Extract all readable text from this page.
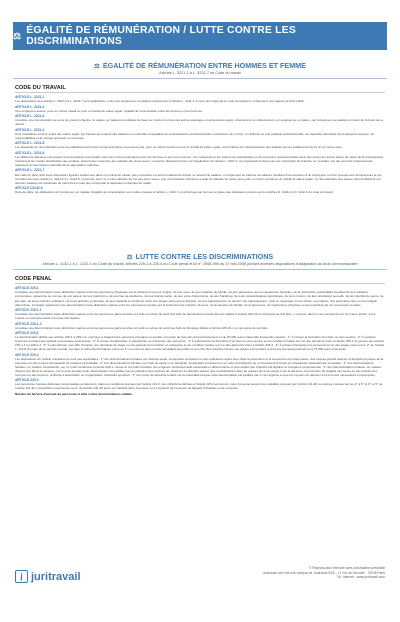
⚖ ÉGALITÉ DE RÉMUNÉRATION / LUTTE CONTRE LES DISCRIMINATIONS
⚖ ÉGALITÉ DE RÉMUNÉRATION ENTRE HOMMES ET FEMME
Articles L. 3221-1 à L. 3221-7 du Code du travail
CODE DU TRAVAIL
ARTICLE L. 3221-1
Les dispositions des articles L. 3221-2 à L. 3221-7 sont applicables, outre aux employeurs et salariés mentionnés à l'article L. 3211-1, à ceux non régis par le code du travail et, notamment, aux agents de droit public.
ARTICLE L. 3221-2
Tout employeur assure, pour un même travail ou pour un travail de valeur égale, l'égalité de rémunération entre les femmes et les hommes.
ARTICLE L. 3221-3
Constitue une rémunération au sens du présent chapitre, le salaire ou traitement ordinaire de base ou minimum et tous les autres avantages et accessoires payés, directement ou indirectement, en espèces ou en nature, par l'employeur au salarié en raison de l'emploi de ce dernier.
ARTICLE L. 3221-4
Sont considérés comme ayant une valeur égale, les travaux qui exigent des salariés un ensemble comparable de connaissances professionnelles consacrées par un titre, un diplôme ou une pratique professionnelle, de capacités découlant de l'expérience acquise, de responsabilités et de charge physique ou nerveuse.
ARTICLE L. 3221-5
Les disparités de rémunération entre les établissements d'une même entreprise ne peuvent pas, pour un même travail ou pour un travail de valeur égale, être fondées sur l'appartenance des salariés de ces établissements à l'un ou l'autre sexe.
ARTICLE L. 3221-6
Les différents éléments composant la rémunération sont établis selon des normes identiques pour les femmes et pour les hommes. Les catégories et les critères de classification et de promotion professionnelles ainsi que toutes les autres bases de calcul de la rémunération, notamment les modes d'évaluation des emplois, doivent être communs aux salariés des deux sexes. Lorsqu'un désaccord porte sur l'application de l'article L. 3221-2, les organisations liées par une convention de branche ou, à défaut, par des accords professionnels, saisissent la commission nationale de la négociation collective.
ARTICLE L. 3221-7
Est nulle de plein droit toute disposition figurant notamment dans un contrat de travail, une convention ou accord collectif de travail, un accord de salaires, un règlement ou barème de salaires résultant d'une décision d'un employeur ou d'un groupement d'employeurs et qui, contrairement aux articles L. 3221-2 à L. 3221-6, comporte, pour un ou des salariés de l'un des deux sexes, une rémunération inférieure à celle de salariés de l'autre sexe pour un même travail ou un travail de valeur égale. La rémunération plus élevée dont bénéficient ces derniers salariés est substituée de plein droit à celle que comportait la disposition entachée de nullité.
ARTICLE D1142-6
Dans les faits, les obligations de l'employeur en matière d'égalité de rémunération sont celles prévues à l'article L. 1142-7 et renforcées par la mise en place des indicateurs prévus par les articles D. 1142-2 à D. 1142-6 du code du travail.
⚖ LUTTE CONTRE LES DISCRIMINATIONS
Articles L. 1132-1 à L. 1132-4 du Code du travail, articles 225-1 à 225-4 du Code pénal et loi n° 2008-496 du 27 mai 2008 portant diverses dispositions d'adaptation au droit communautaire
CODE PENAL
ARTICLE 225-1
Constitue une discrimination toute distinction opérée entre les personnes physiques sur le fondement de leur origine, de leur sexe, de leur situation de famille, de leur grossesse, de leur apparence physique, de la particulière vulnérabilité résultant de leur situation économique, apparente ou connue de son auteur, de leur patronyme, de leur lieu de résidence, de leur état de santé, de leur perte d'autonomie, de leur handicap, de leurs caractéristiques génétiques, de leurs mœurs, de leur orientation sexuelle, de leur identité de genre, de leur âge, de leurs opinions politiques, de leurs activités syndicales, de leur capacité à s'exprimer dans une langue autre que le français, de leur appartenance ou de leur non-appartenance, vraie ou supposée, à une ethnie, une Nation, une prétendue race ou une religion déterminée. Constitue également une discrimination toute distinction opérée entre les personnes morales sur le fondement de l'origine, du sexe, de la situation de famille, de la grossesse, de l'apparence physique ou des membres de ces personnes morales.
ARTICLE 225-1-1
Constitue une discrimination toute distinction opérée entre les personnes parce qu'elles ont subi ou refusé de subir des faits de harcèlement sexuel tels que définis à l'article 222-33 ou témoigné de tels faits, y compris, dans le cas mentionné au I du même article, si les propos ou comportements n'ont pas été répétés.
ARTICLE 225-1-2
Constitue une discrimination toute distinction opérée entre les personnes parce qu'elles ont subi ou refusé de subir des faits de bizutage définis à l'article 225-16-1 ou témoigné de tels faits.
ARTICLE 225-2
La discrimination définie aux articles 225-1 à 225-1-2, commise à l'égard d'une personne physique ou morale, est punie de trois ans d'emprisonnement et de 45 000 euros d'amende lorsqu'elle consiste : 1° À refuser la fourniture d'un bien ou d'un service ; 2° À entraver l'exercice normal d'une activité économique quelconque ; 3° À refuser d'embaucher, à sanctionner ou à licencier une personne ; 4° À subordonner la fourniture d'un bien ou d'un service à une condition fondée sur l'un des éléments visés à l'article 225-1 ou prévue aux articles 225-1-1 ou 225-1-2 ; 5° À subordonner une offre d'emploi, une demande de stage ou une période de formation en entreprise à une condition fondée sur l'un des éléments visés à l'article 225-1 ; 6° À refuser d'accepter une personne à l'un des stages visés par le 2° de l'article L. 412-8 du code de la sécurité sociale. Lorsque le refus discriminatoire prévu au 1° est commis dans un lieu accueillant du public ou aux fins d'en interdire l'accès, les peines sont portées à cinq ans d'emprisonnement et à 75 000 euros d'amende.
ARTICLE 225-3
Les dispositions de l'article précédent ne sont pas applicables : 1° Aux discriminations fondées sur l'état de santé, lorsqu'elles consistent en des opérations ayant pour objet la prévention et la couverture du risque décès, des risques portant atteinte à l'intégrité physique de la personne ou des risques d'incapacité de travail ou d'invalidité ; 2° Aux discriminations fondées sur l'état de santé ou le handicap, lorsqu'elles consistent en un refus d'embauche ou un licenciement fondé sur l'inaptitude médicalement constatée ; 3° Aux discriminations fondées, en matière d'embauche, sur un motif mentionné à l'article 225-1, lorsqu'un tel motif constitue une exigence professionnelle essentielle et déterminante et pour autant que l'objectif soit légitime et l'exigence proportionnée ; 4° Aux discriminations fondées, en matière d'accès aux biens et services, sur le sexe lorsque cette discrimination est justifiée par la protection des victimes de violences à caractère sexuel, des considérations liées au respect de la vie privée et de la décence, la promotion de l'égalité des sexes ou des intérêts des hommes ou des femmes, la liberté d'association ou l'organisation d'activités sportives ; 5° Aux refus d'embauche fondés sur la nationalité lorsque cette discrimination est justifiée par un but légitime et que les moyens de parvenir à ce but sont nécessaires et appropriés.
ARTICLE 225-4
Les personnes morales déclarées responsables pénalement, dans les conditions prévues par l'article 121-2, des infractions définies à l'article 225-2 encourent, outre l'amende suivant les modalités prévues par l'article 131-38, les peines prévues par les 2° à 5° et 8° et 9° de l'article 131-39. L'interdiction mentionnée au 2° de l'article 131-39 porte sur l'activité dans l'exercice ou à l'occasion de l'exercice de laquelle l'infraction a été commise.
Numéro de Service d'accueil du personnel et lutte contre discriminations valable.
j juritravail
© Reproduction interdite sans autorisation préalable
Juritravail.com est une marque de Juritravail SAS - 17 rue de l'Arcade - 75008 Paris
Tél. Internet : www.juritravail.com
